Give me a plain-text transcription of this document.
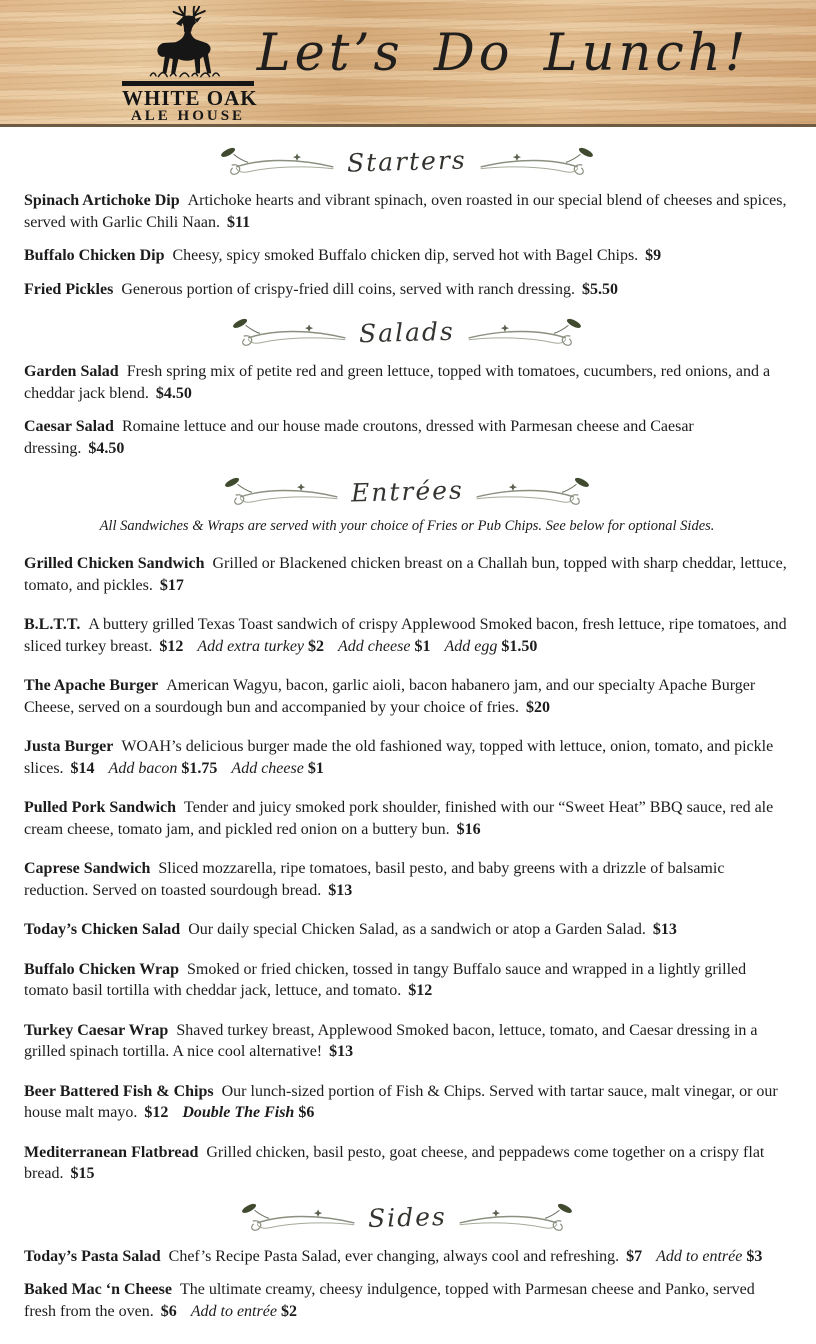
WHITE OAK
ALE HOUSE
Let’s Do Lunch!
Starters

Spinach Artichoke Dip Artichoke hearts and vibrant spinach, oven roasted in our special blend of cheeses and spices, served with Garlic Chili Naan. $11

Buffalo Chicken Dip Cheesy, spicy smoked Buffalo chicken dip, served hot with Bagel Chips. $9

Fried Pickles Generous portion of crispy-fried dill coins, served with ranch dressing. $5.50

Salads

Garden Salad Fresh spring mix of petite red and green lettuce, topped with tomatoes, cucumbers, red onions, and a cheddar jack blend. $4.50

Caesar Salad Romaine lettuce and our house made croutons, dressed with Parmesan cheese and Caesar dressing. $4.50

Entrées

All Sandwiches & Wraps are served with your choice of Fries or Pub Chips. See below for optional Sides.

Grilled Chicken Sandwich Grilled or Blackened chicken breast on a Challah bun, topped with sharp cheddar, lettuce, tomato, and pickles. $17

B.L.T.T. A buttery grilled Texas Toast sandwich of crispy Applewood Smoked bacon, fresh lettuce, ripe tomatoes, and sliced turkey breast. $12 Add extra turkey $2 Add cheese $1 Add egg $1.50

The Apache Burger American Wagyu, bacon, garlic aioli, bacon habanero jam, and our specialty Apache Burger Cheese, served on a sourdough bun and accompanied by your choice of fries. $20

Justa Burger WOAH’s delicious burger made the old fashioned way, topped with lettuce, onion, tomato, and pickle slices. $14 Add bacon $1.75 Add cheese $1

Pulled Pork Sandwich Tender and juicy smoked pork shoulder, finished with our “Sweet Heat” BBQ sauce, red ale cream cheese, tomato jam, and pickled red onion on a buttery bun. $16

Caprese Sandwich Sliced mozzarella, ripe tomatoes, basil pesto, and baby greens with a drizzle of balsamic reduction. Served on toasted sourdough bread. $13

Today’s Chicken Salad Our daily special Chicken Salad, as a sandwich or atop a Garden Salad. $13

Buffalo Chicken Wrap Smoked or fried chicken, tossed in tangy Buffalo sauce and wrapped in a lightly grilled tomato basil tortilla with cheddar jack, lettuce, and tomato. $12

Turkey Caesar Wrap Shaved turkey breast, Applewood Smoked bacon, lettuce, tomato, and Caesar dressing in a grilled spinach tortilla. A nice cool alternative! $13

Beer Battered Fish & Chips Our lunch-sized portion of Fish & Chips. Served with tartar sauce, malt vinegar, or our house malt mayo. $12 Double The Fish $6

Mediterranean Flatbread Grilled chicken, basil pesto, goat cheese, and peppadews come together on a crispy flat bread. $15

Sides

Today’s Pasta Salad Chef’s Recipe Pasta Salad, ever changing, always cool and refreshing. $7 Add to entrée $3

Baked Mac ‘n Cheese The ultimate creamy, cheesy indulgence, topped with Parmesan cheese and Panko, served fresh from the oven. $6 Add to entrée $2
